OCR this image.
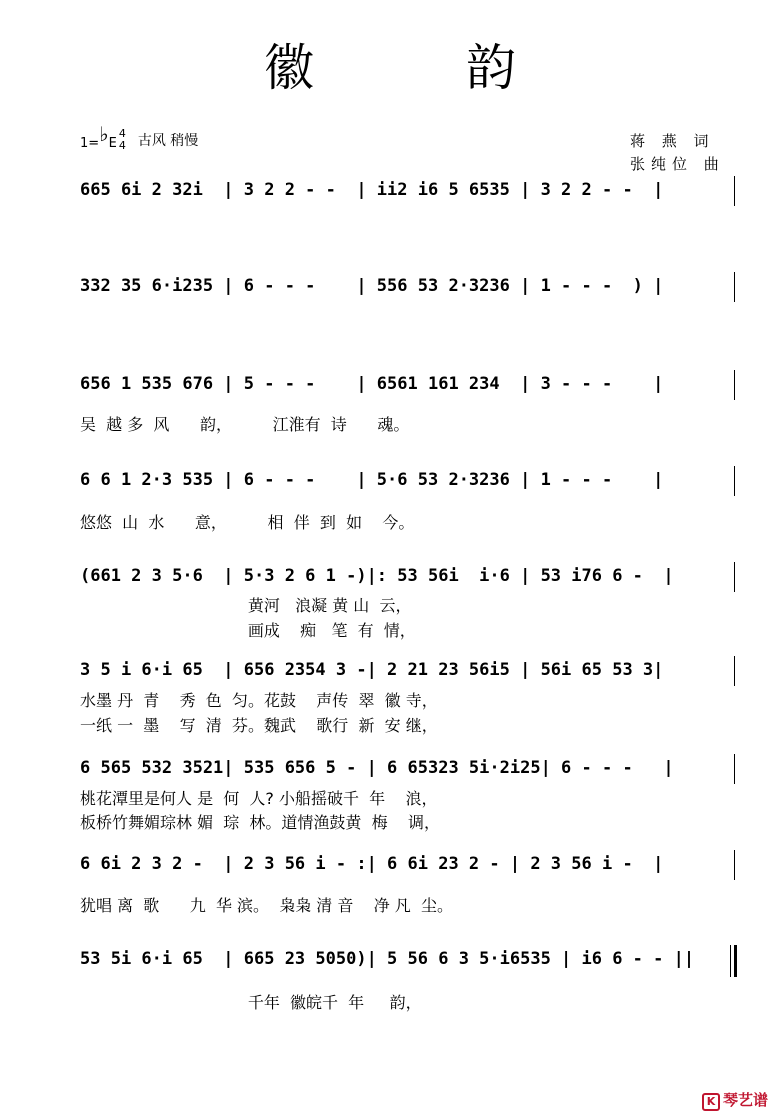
徽 韵
1=♭E
4
4 古风 稍慢	蒋 燕 词
张纯位 曲
665 6i 2 32i  | 3 2 2 - -  | ii2 i6 5 6535 | 3 2 2 - -  |
332 35 6·i235 | 6 - - -    | 556 53 2·3236 | 1 - - -  ) |
656 1 535 676 | 5 - - -    | 6561 161 234  | 3 - - -    |
吴  越 多  风      韵，        江淮有  诗      魂。
6 6 1 2·3 535 | 6 - - -    | 5·6 53 2·3236 | 1 - - -    |
悠悠  山  水      意，        相  伴  到  如    今。
(661 2 3 5·6  | 5·3 2 6 1 -)|: 53 56i  i·6 | 53 i76 6 -  |
黄河   浪凝 黄 山  云，
画成    痴   笔  有  情，
3 5 i 6·i 65  | 656 2354 3 -| 2 21 23 56i5 | 56i 65 53 3|
水墨 丹  青    秀  色  匀。花鼓    声传  翠  徽 寺，
一纸 一  墨    写  清  芬。魏武    歌行  新  安 继，
6 565 532 3521| 535 656 5 - | 6 65323 5i·2i25| 6 - - -   |
桃花潭里是何人 是  何  人? 小船摇破千  年    浪，
板桥竹舞媚琮林 媚  琮  林。道情渔鼓黄  梅    调，
6 6i 2 3 2 -  | 2 3 56 i - :| 6 6i 23 2 - | 2 3 56 i -  |
犹唱 离  歌      九  华 滨。  枭枭 清 音    净 凡  尘。
53 5i 6·i 65  | 665 23 5050)| 5 56 6 3 5·i6535 | i6 6 - - ||
千年  徽皖千  年     韵，
K 琴艺谱
